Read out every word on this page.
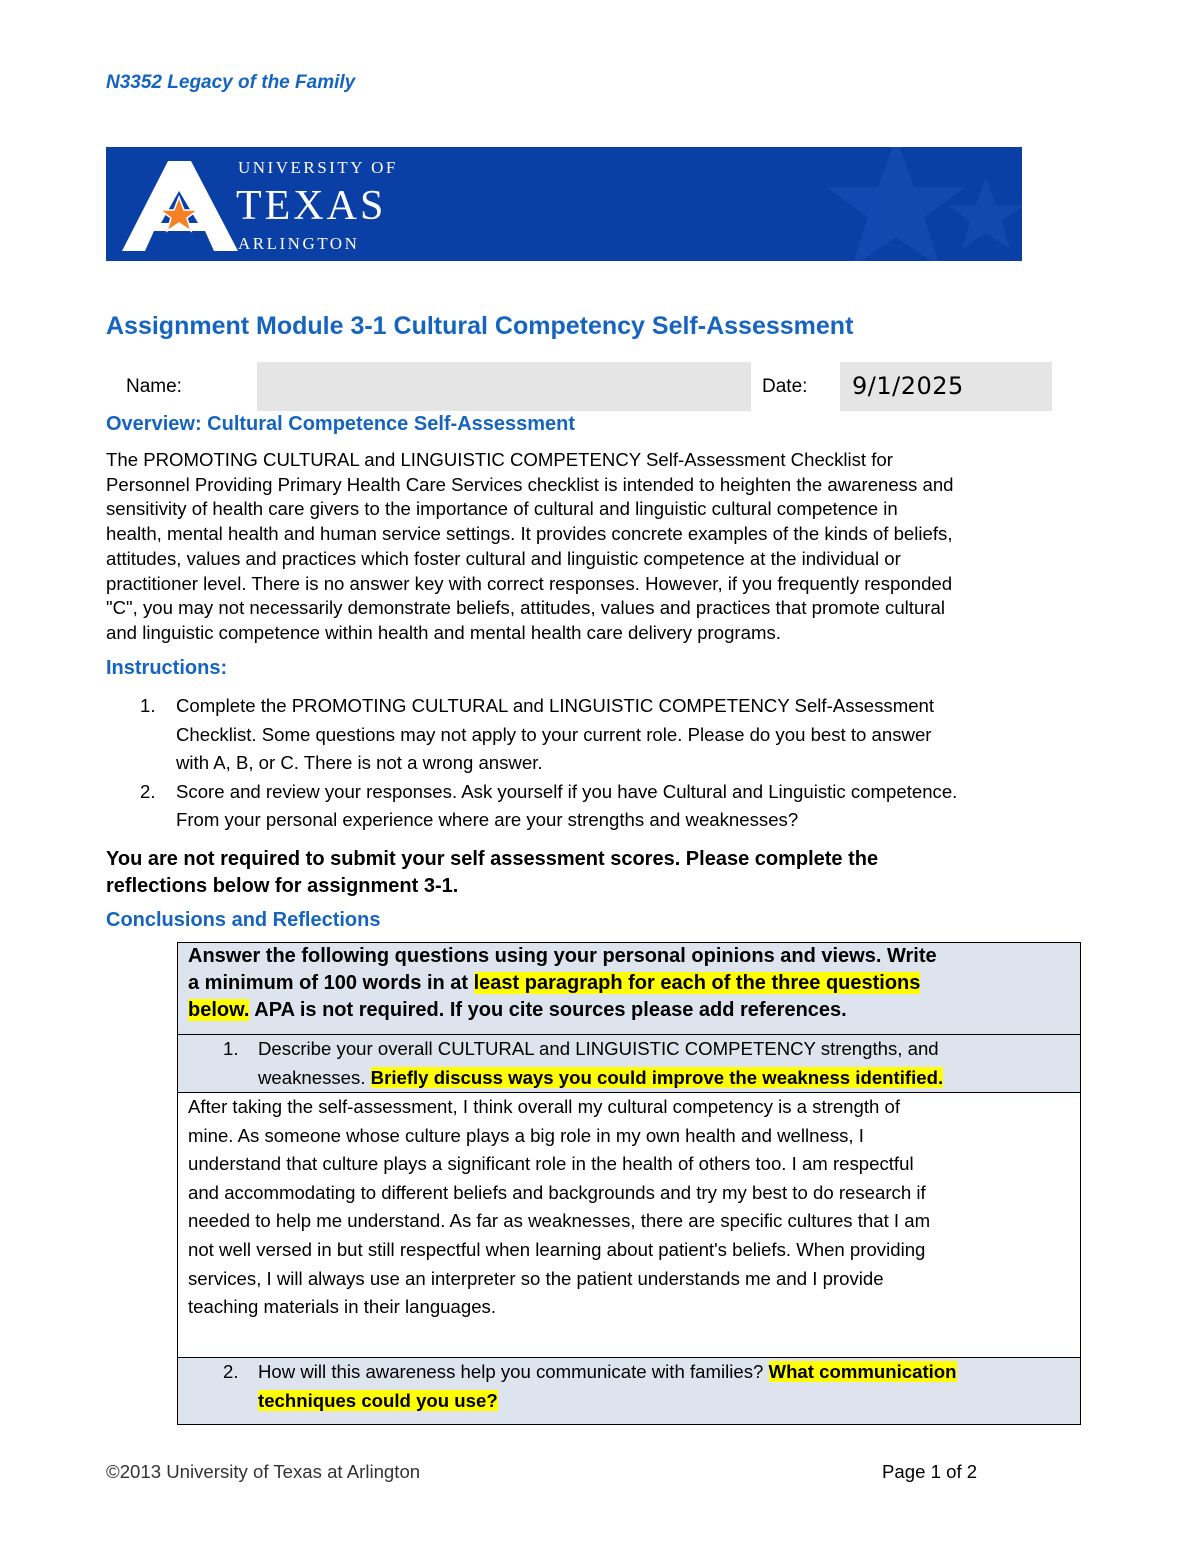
N3352 Legacy of the Family
UNIVERSITY OF
TEXAS
ARLINGTON
Assignment Module 3-1 Cultural Competency Self-Assessment
Name:	Date: 9/1/2025
Overview: Cultural Competence Self-Assessment
The PROMOTING CULTURAL and LINGUISTIC COMPETENCY Self-Assessment Checklist for
Personnel Providing Primary Health Care Services checklist is intended to heighten the awareness and
sensitivity of health care givers to the importance of cultural and linguistic cultural competence in
health, mental health and human service settings. It provides concrete examples of the kinds of beliefs,
attitudes, values and practices which foster cultural and linguistic competence at the individual or
practitioner level. There is no answer key with correct responses. However, if you frequently responded
"C", you may not necessarily demonstrate beliefs, attitudes, values and practices that promote cultural
and linguistic competence within health and mental health care delivery programs.
Instructions:
1. Complete the PROMOTING CULTURAL and LINGUISTIC COMPETENCY Self-Assessment
Checklist. Some questions may not apply to your current role. Please do you best to answer
with A, B, or C. There is not a wrong answer.
2. Score and review your responses. Ask yourself if you have Cultural and Linguistic competence.
From your personal experience where are your strengths and weaknesses?
You are not required to submit your self assessment scores. Please complete the
reflections below for assignment 3-1.
Conclusions and Reflections
Answer the following questions using your personal opinions and views. Write
a minimum of 100 words in at least paragraph for each of the three questions
below. APA is not required. If you cite sources please add references.

1. Describe your overall CULTURAL and LINGUISTIC COMPETENCY strengths, and
weaknesses. Briefly discuss ways you could improve the weakness identified.

After taking the self-assessment, I think overall my cultural competency is a strength of
mine. As someone whose culture plays a big role in my own health and wellness, I
understand that culture plays a significant role in the health of others too. I am respectful
and accommodating to different beliefs and backgrounds and try my best to do research if
needed to help me understand. As far as weaknesses, there are specific cultures that I am
not well versed in but still respectful when learning about patient's beliefs. When providing
services, I will always use an interpreter so the patient understands me and I provide
teaching materials in their languages.

2. How will this awareness help you communicate with families? What communication
techniques could you use?
©2013 University of Texas at Arlington	Page 1 of 2
